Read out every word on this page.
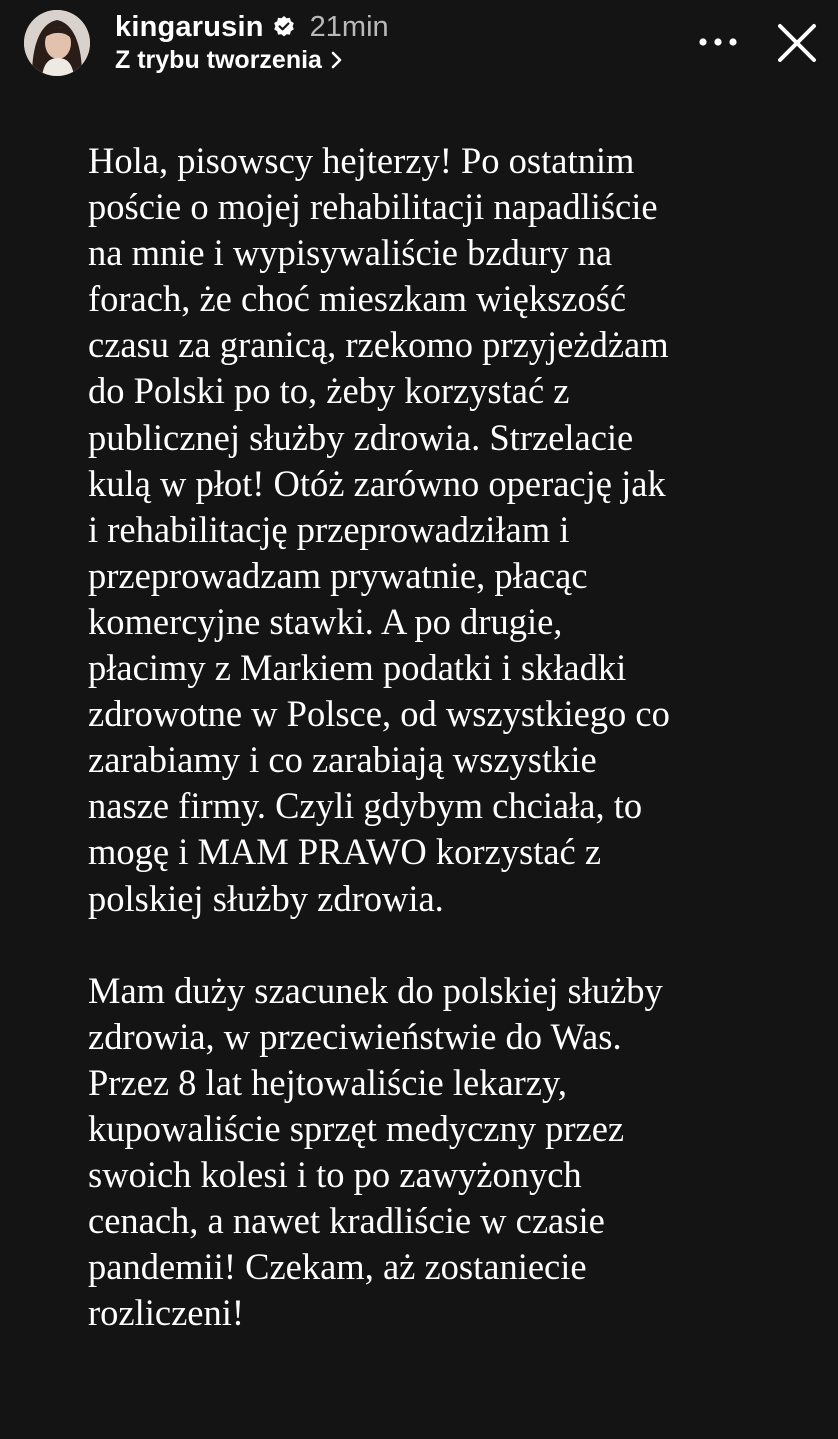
kingarusin 21min
Z trybu tworzenia
Hola, pisowscy hejterzy! Po ostatnim
poście o mojej rehabilitacji napadliście
na mnie i wypisywaliście bzdury na
forach, że choć mieszkam większość
czasu za granicą, rzekomo przyjeżdżam
do Polski po to, żeby korzystać z
publicznej służby zdrowia. Strzelacie
kulą w płot! Otóż zarówno operację jak
i rehabilitację przeprowadziłam i
przeprowadzam prywatnie, płacąc
komercyjne stawki. A po drugie,
płacimy z Markiem podatki i składki
zdrowotne w Polsce, od wszystkiego co
zarabiamy i co zarabiają wszystkie
nasze firmy. Czyli gdybym chciała, to
mogę i MAM PRAWO korzystać z
polskiej służby zdrowia.
Mam duży szacunek do polskiej służby
zdrowia, w przeciwieństwie do Was.
Przez 8 lat hejtowaliście lekarzy,
kupowaliście sprzęt medyczny przez
swoich kolesi i to po zawyżonych
cenach, a nawet kradliście w czasie
pandemii! Czekam, aż zostaniecie
rozliczeni!
